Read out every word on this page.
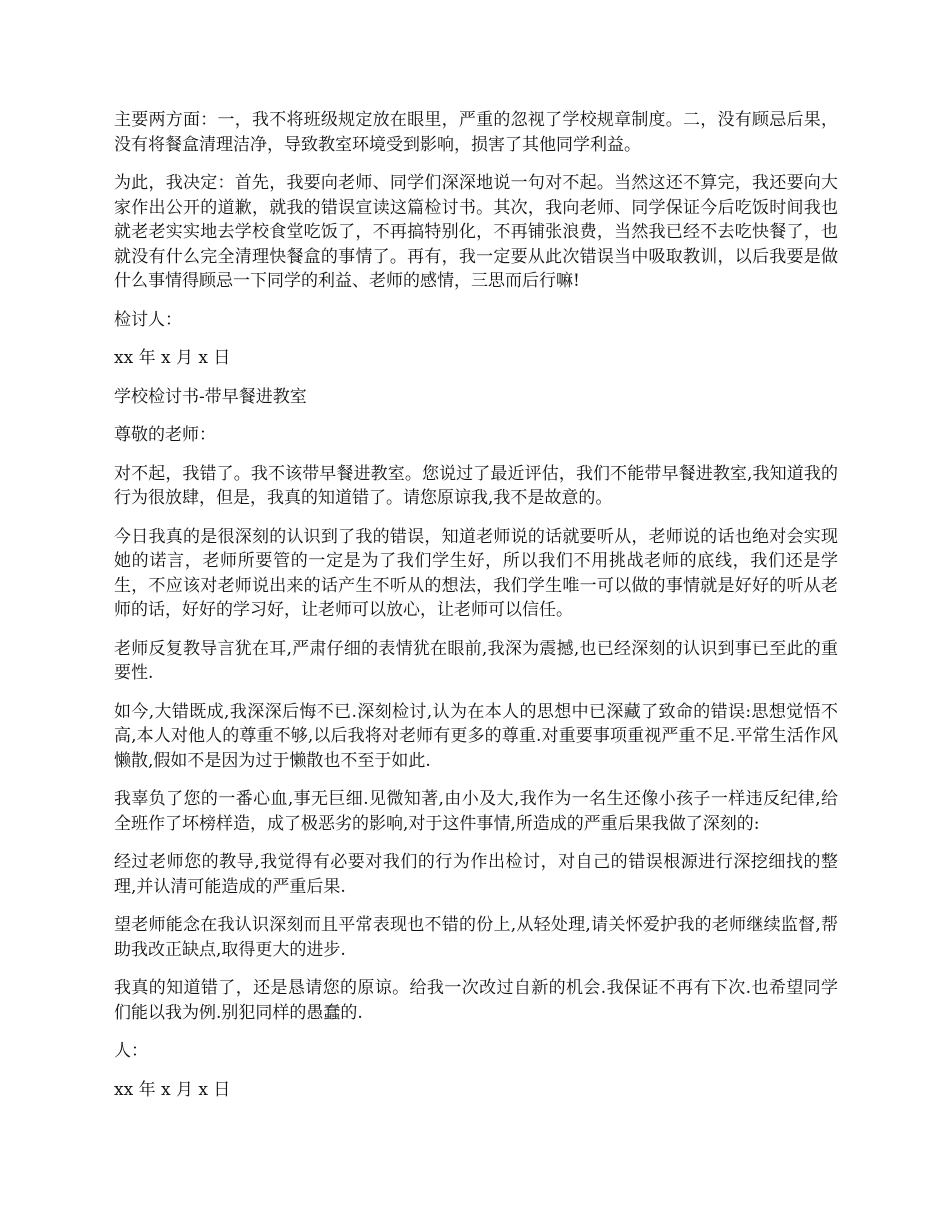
主要两方面：一，我不将班级规定放在眼里，严重的忽视了学校规章制度。二，没有顾忌后果，没有将餐盒清理洁净，导致教室环境受到影响，损害了其他同学利益。

为此，我决定：首先，我要向老师、同学们深深地说一句对不起。当然这还不算完，我还要向大家作出公开的道歉，就我的错误宣读这篇检讨书。其次，我向老师、同学保证今后吃饭时间我也就老老实实地去学校食堂吃饭了，不再搞特别化，不再铺张浪费，当然我已经不去吃快餐了，也就没有什么完全清理快餐盒的事情了。再有，我一定要从此次错误当中吸取教训，以后我要是做什么事情得顾忌一下同学的利益、老师的感情，三思而后行嘛!

检讨人：

xx 年 x 月 x 日

学校检讨书-带早餐进教室

尊敬的老师：

对不起，我错了。我不该带早餐进教室。您说过了最近评估，我们不能带早餐进教室,我知道我的行为很放肆，但是，我真的知道错了。请您原谅我,我不是故意的。

今日我真的是很深刻的认识到了我的错误，知道老师说的话就要听从，老师说的话也绝对会实现她的诺言，老师所要管的一定是为了我们学生好，所以我们不用挑战老师的底线，我们还是学生，不应该对老师说出来的话产生不听从的想法，我们学生唯一可以做的事情就是好好的听从老师的话，好好的学习好，让老师可以放心，让老师可以信任。

老师反复教导言犹在耳,严肃仔细的表情犹在眼前,我深为震撼,也已经深刻的认识到事已至此的重要性.

如今,大错既成,我深深后悔不已.深刻检讨,认为在本人的思想中已深藏了致命的错误:思想觉悟不高,本人对他人的尊重不够,以后我将对老师有更多的尊重.对重要事项重视严重不足.平常生活作风懒散,假如不是因为过于懒散也不至于如此.

我辜负了您的一番心血,事无巨细.见微知著,由小及大,我作为一名生还像小孩子一样违反纪律,给全班作了坏榜样造，成了极恶劣的影响,对于这件事情,所造成的严重后果我做了深刻的:

经过老师您的教导,我觉得有必要对我们的行为作出检讨，对自己的错误根源进行深挖细找的整理,并认清可能造成的严重后果.

望老师能念在我认识深刻而且平常表现也不错的份上,从轻处理,请关怀爱护我的老师继续监督,帮助我改正缺点,取得更大的进步.

我真的知道错了，还是恳请您的原谅。给我一次改过自新的机会.我保证不再有下次.也希望同学们能以我为例.别犯同样的愚蠢的.

人：

xx 年 x 月 x 日
